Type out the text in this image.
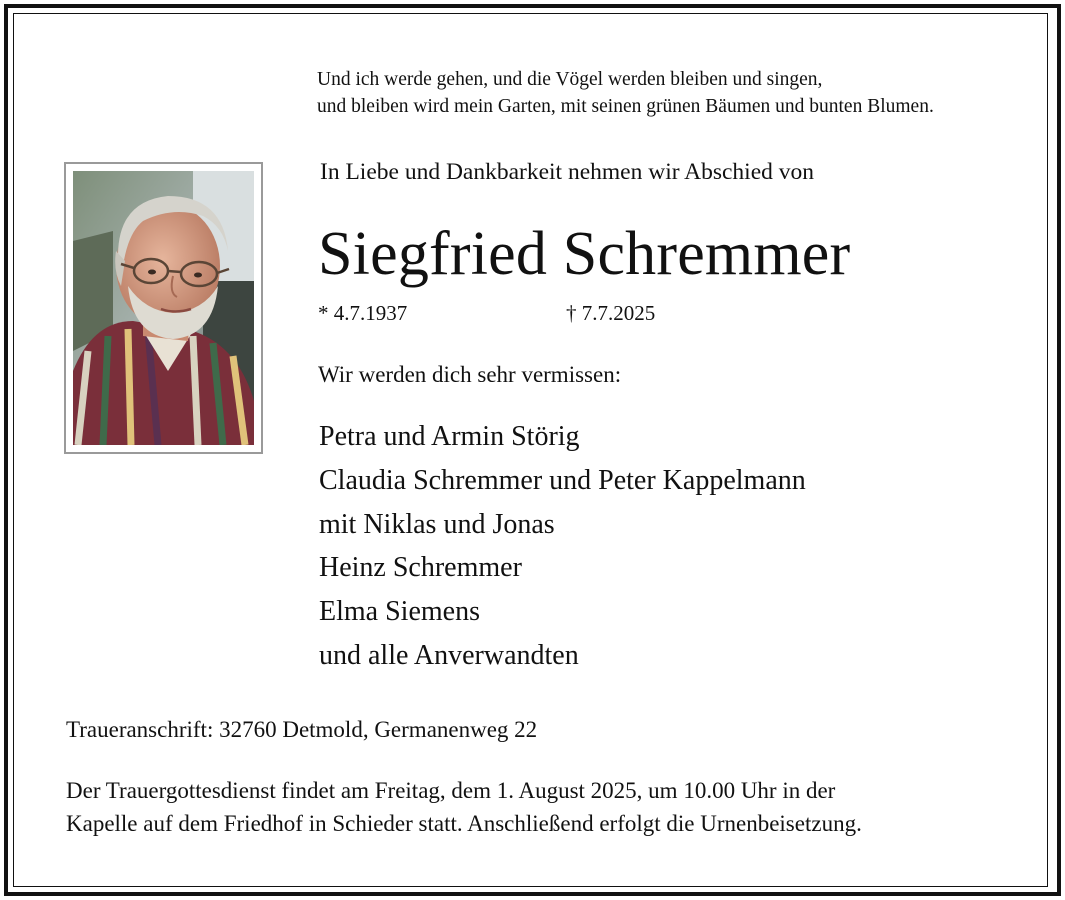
Und ich werde gehen, und die Vögel werden bleiben und singen,
und bleiben wird mein Garten, mit seinen grünen Bäumen und bunten Blumen.
In Liebe und Dankbarkeit nehmen wir Abschied von
Siegfried Schremmer
* 4.7.1937	† 7.7.2025
Wir werden dich sehr vermissen:
Petra und Armin Störig
Claudia Schremmer und Peter Kappelmann
mit Niklas und Jonas
Heinz Schremmer
Elma Siemens
und alle Anverwandten
Traueranschrift: 32760 Detmold, Germanenweg 22
Der Trauergottesdienst findet am Freitag, dem 1. August 2025, um 10.00 Uhr in der
Kapelle auf dem Friedhof in Schieder statt. Anschließend erfolgt die Urnenbeisetzung.
